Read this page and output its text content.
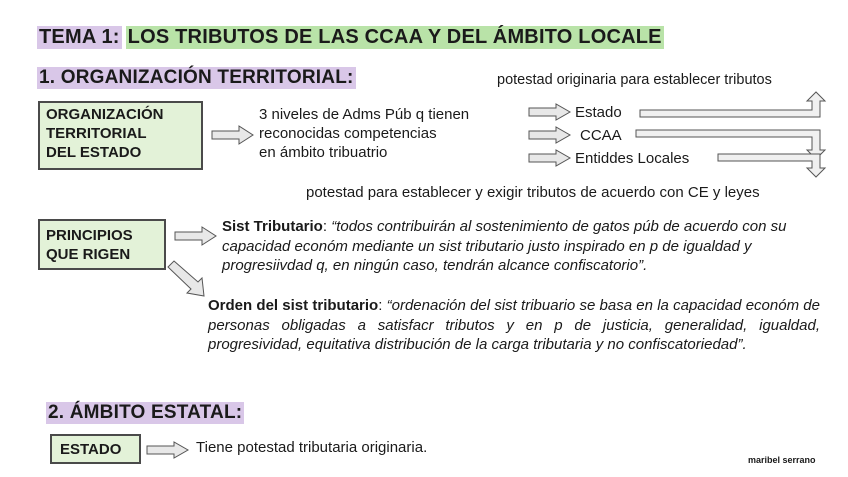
TEMA 1: LOS TRIBUTOS DE LAS CCAA Y DEL ÁMBITO LOCALE
1. ORGANIZACIÓN TERRITORIAL:	potestad originaria para establecer tributos
ORGANIZACIÓN
TERRITORIAL
DEL ESTADO
3 niveles de Adms Púb q tienen
reconocidas competencias
en ámbito tribuatrio
Estado
CCAA
Entiddes Locales
potestad para establecer y exigir tributos de acuerdo con CE y leyes
PRINCIPIOS
QUE RIGEN
Sist Tributario: “todos contribuirán al sostenimiento de gatos púb de acuerdo con su capacidad económ mediante un sist tributario justo inspirado en p de igualdad y progresiivdad q, en ningún caso, tendrán alcance confiscatorio”.
Orden del sist tributario: “ordenación del sist tribuario se basa en la capacidad económ de personas obligadas a satisfacr tributos y en p de justicia, generalidad, igualdad, progresividad, equitativa distribución de la carga tributaria y no confiscatoriedad”.
2. ÁMBITO ESTATAL:
ESTADO	Tiene potestad tributaria originaria.
maribel serrano
